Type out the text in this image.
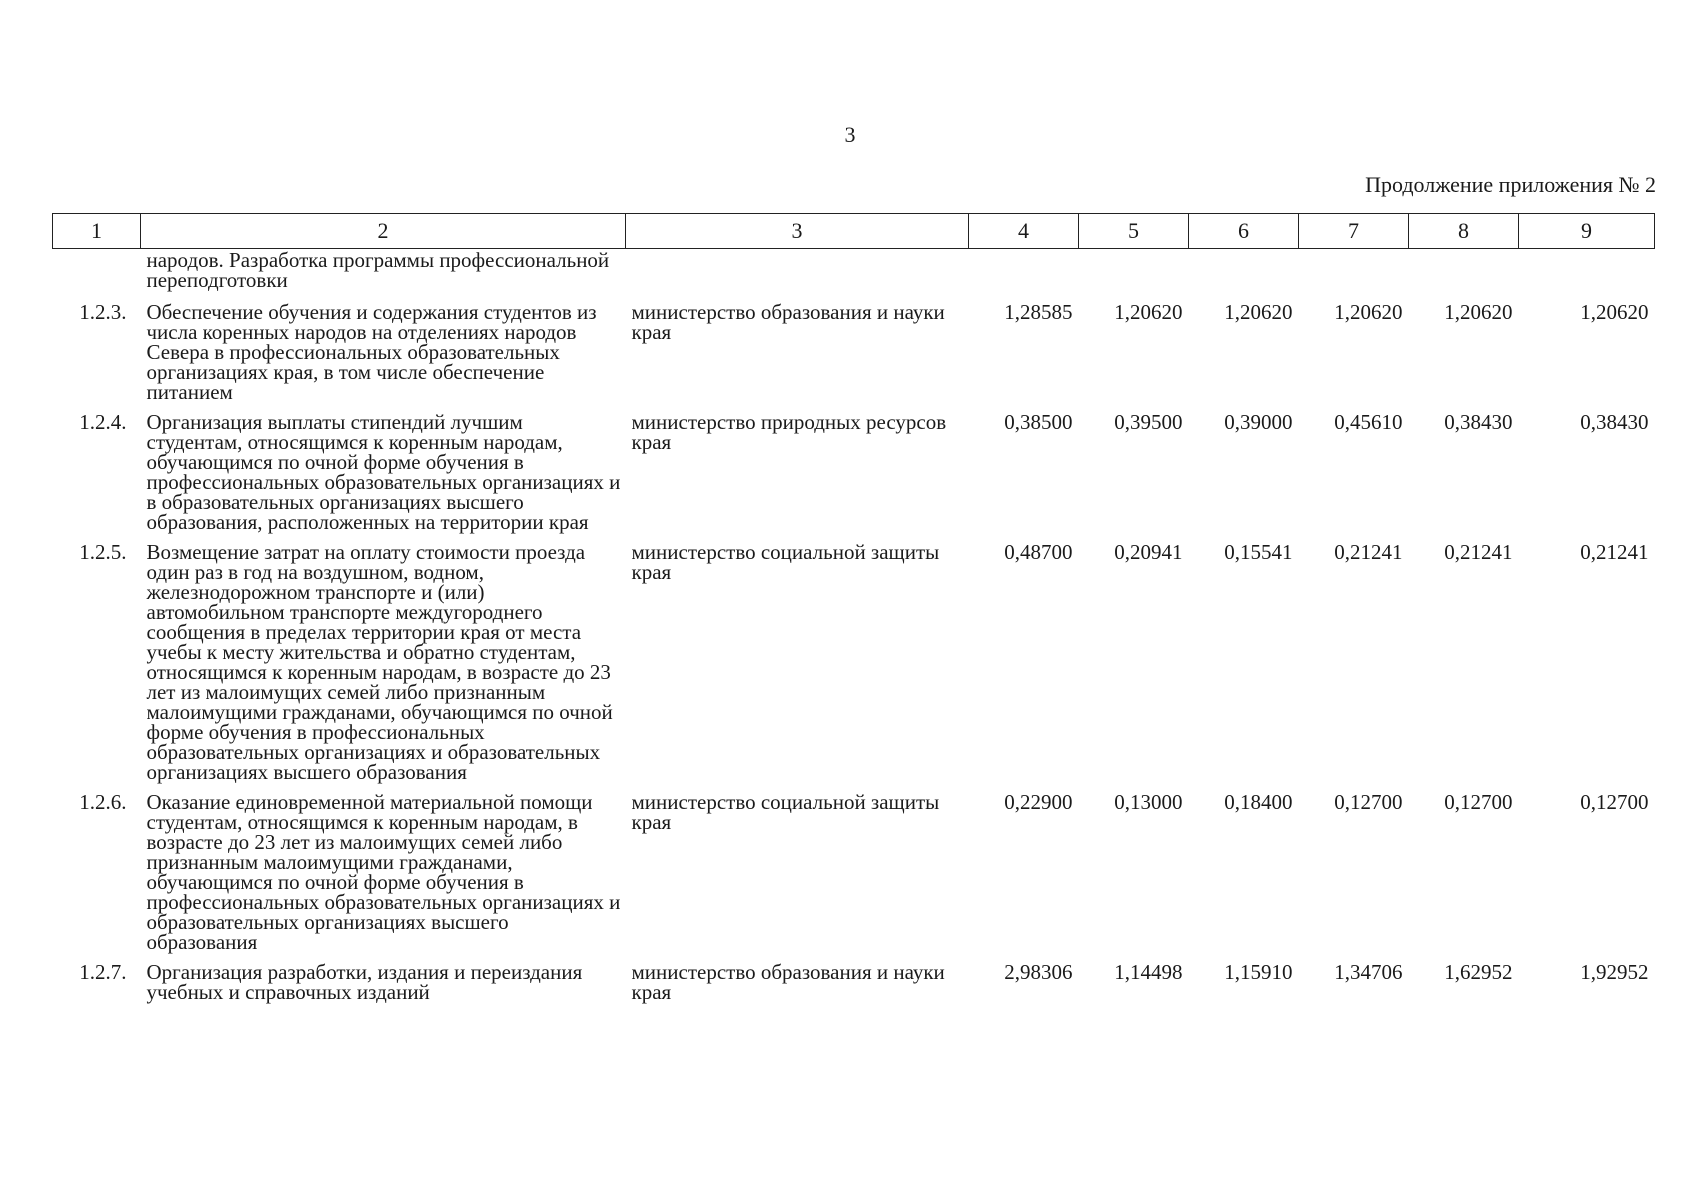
3
Продолжение приложения № 2
1	2	3	4	5	6	7	8	9
	народов. Разработка программы профессиональной переподготовки							
1.2.3.	Обеспечение обучения и содержания студентов из числа коренных народов на отделениях народов Севера в профессиональных образовательных организациях края, в том числе обеспечение питанием	министерство образования и науки края	1,28585	1,20620	1,20620	1,20620	1,20620	1,20620
1.2.4.	Организация выплаты стипендий лучшим студентам, относящимся к коренным народам, обучающимся по очной форме обучения в профессиональных образовательных организациях и в образовательных организациях высшего образования, расположенных на территории края	министерство природных ресурсов края	0,38500	0,39500	0,39000	0,45610	0,38430	0,38430
1.2.5.	Возмещение затрат на оплату стоимости проезда один раз в год на воздушном, водном, железнодорожном транспорте и (или) автомобильном транспорте междугороднего сообщения в пределах территории края от места учебы к месту жительства и обратно студентам, относящимся к коренным народам, в возрасте до 23 лет из малоимущих семей либо признанным малоимущими гражданами, обучающимся по очной форме обучения в профессиональных образовательных организациях и образовательных организациях высшего образования	министерство социальной защиты края	0,48700	0,20941	0,15541	0,21241	0,21241	0,21241
1.2.6.	Оказание единовременной материальной помощи студентам, относящимся к коренным народам, в возрасте до 23 лет из малоимущих семей либо признанным малоимущими гражданами, обучающимся по очной форме обучения в профессиональных образовательных организациях и образовательных организациях высшего образования	министерство социальной защиты края	0,22900	0,13000	0,18400	0,12700	0,12700	0,12700
1.2.7.	Организация разработки, издания и переиздания учебных и справочных изданий	министерство образования и науки края	2,98306	1,14498	1,15910	1,34706	1,62952	1,92952
